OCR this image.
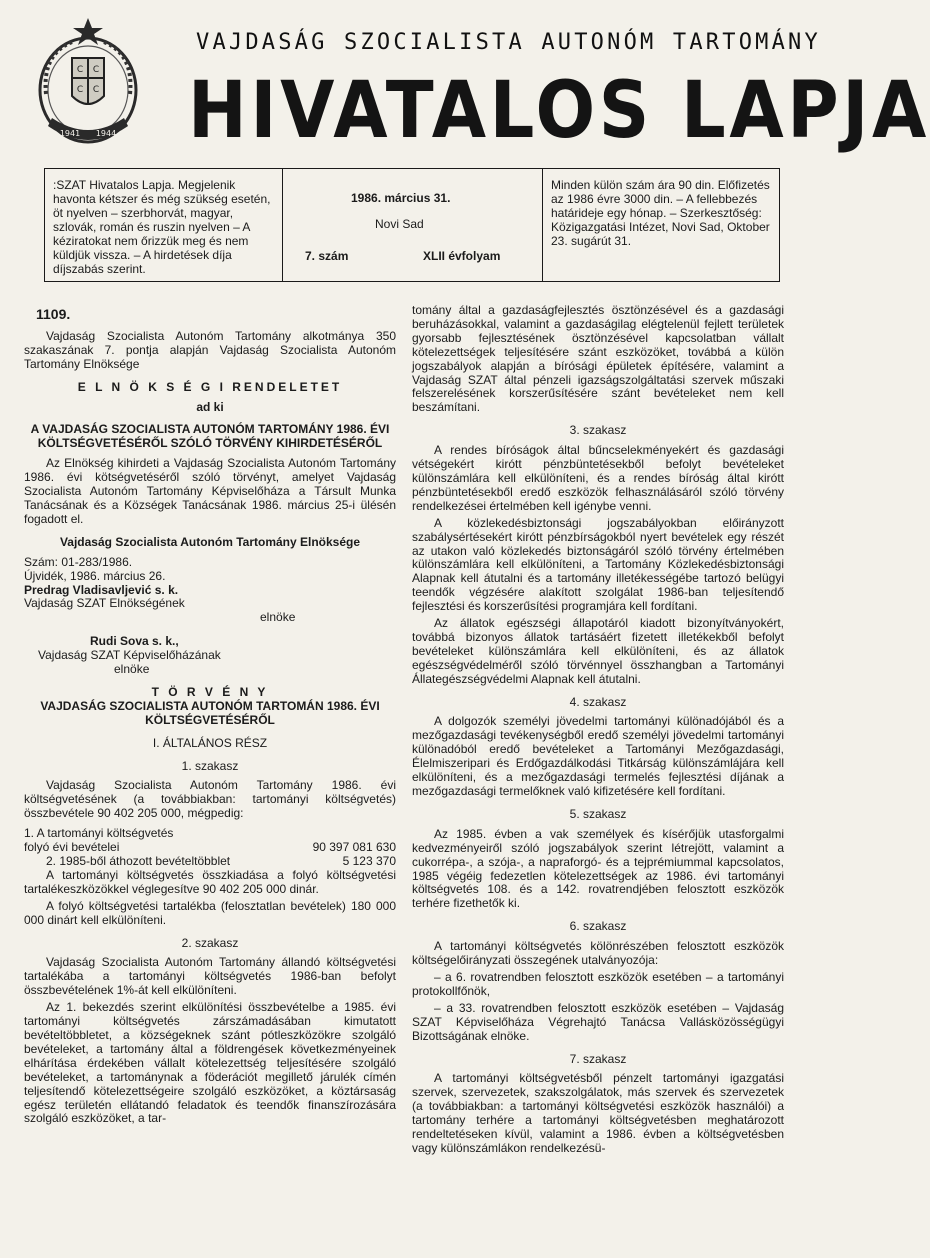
C C
C C
1941 1944
VAJDASÁG SZOCIALISTA AUTONÓM TARTOMÁNY
HIVATALOS LAPJA
:SZAT Hivatalos Lapja. Megjelenik havonta kétszer és még szükség esetén, öt nyelven – szerbhorvát, magyar, szlovák, román és ruszin nyelven – A kéziratokat nem őrizzük meg és nem küldjük vissza. – A hirdetések díja díjszabás szerint.
1986. március 31.
Novi Sad
7. szám	XLII évfolyam
Minden külön szám ára 90 din. Előfizetés az 1986 évre 3000 din. – A fellebbezés határideje egy hónap. – Szerkesztőség: Közigazgatási Intézet, Novi Sad, Oktober 23. sugárút 31.
1109.

Vajdaság Szocialista Autonóm Tartomány alkotmánya 350 szakaszának 7. pontja alapján Vajdaság Szocialista Autonóm Tartomány Elnöksége

E L N Ö K S É G I RENDELETET

ad ki

A VAJDASÁG SZOCIALISTA AUTONÓM TARTOMÁNY 1986. ÉVI KÖLTSÉGVETÉSÉRŐL SZÓLÓ TÖRVÉNY KIHIRDETÉSÉRŐL

Az Elnökség kihirdeti a Vajdaság Szocialista Autonóm Tartomány 1986. évi kötségvetéséről szóló törvényt, amelyet Vajdaság Szocialista Autonóm Tartomány Képviselőháza a Társult Munka Tanácsának és a Községek Tanácsának 1986. március 25-i ülésén fogadott el.

Vajdaság Szocialista Autonóm Tartomány Elnöksége

Szám: 01-283/1986.

Újvidék, 1986. március 26.

Predrag Vladisavljević s. k.

Vajdaság SZAT Elnökségének

elnöke

Rudi Sova s. k.,

Vajdaság SZAT Képviselőházának

elnöke

T Ö R V É N Y

VAJDASÁG SZOCIALISTA AUTONÓM TARTOMÁN 1986. ÉVI KÖLTSÉGVETÉSÉRŐL

I. ÁLTALÁNOS RÉSZ

1. szakasz

Vajdaság Szocialista Autonóm Tartomány 1986. évi költségvetésének (a továbbiakban: tartományi költségvetés) összbevétele 90 402 205 000, mégpedig:

1. A tartományi költségvetés

folyó évi bevételei	90 397 081 630
2. 1985-ből áthozott bevételtöbblet	5 123 370

A tartományi költségvetés összkiadása a folyó költségvetési tartalékeszközökkel véglegesítve 90 402 205 000 dinár.

A folyó költségvetési tartalékba (felosztatlan bevételek) 180 000 000 dinárt kell elkülöníteni.

2. szakasz

Vajdaság Szocialista Autonóm Tartomány állandó költségvetési tartalékába a tartományi költségvetés 1986-ban befolyt összbevételének 1%-át kell elkülöníteni.

Az 1. bekezdés szerint elkülönítési összbevételbe a 1985. évi tartományi költségvetés zárszámadásában kimutatott bevételtöbbletet, a községeknek szánt pótleszközökre szolgáló bevételeket, a tartomány által a földrengések következményeinek elhárítása érdekében vállalt kötelezettség teljesítésére szolgáló bevételeket, a tartománynak a föderációt megillető járulék címén teljesítendő kötelezettségeire szolgáló eszközöket, a köztársaság egész területén ellátandó feladatok és teendők finanszírozására szolgáló eszközöket, a tar-

tomány által a gazdaságfejlesztés ösztönzésével és a gazdasági beruházásokkal, valamint a gazdaságilag elégtelenül fejlett területek gyorsabb fejlesztésének ösztönzésével kapcsolatban vállalt kötelezettségek teljesítésére szánt eszközöket, továbbá a külön jogszabályok alapján a bírósági épületek építésére, valamint a Vajdaság SZAT által pénzeli igazságszolgáltatási szervek műszaki felszerelésének korszerűsítésére szánt bevételeket nem kell beszámítani.

3. szakasz

A rendes bíróságok által bűncselekményekért és gazdasági vétségekért kirótt pénzbüntetésekből befolyt bevételeket különszámlára kell elkülöníteni, és a rendes bíróság által kirótt pénzbüntetésekből eredő eszközök felhasználásáról szóló törvény rendelkezései értelmében kell igénybe venni.

A közlekedésbiztonsági jogszabályokban előirányzott szabálysértésekért kirótt pénzbírságokból nyert bevételek egy részét az utakon való közlekedés biztonságáról szóló törvény értelmében különszámlára kell elkülöníteni, a Tartomány Közlekedésbiztonsági Alapnak kell átutalni és a tartomány illetékességébe tartozó belügyi teendők végzésére alakított szolgálat 1986-ban teljesítendő fejlesztési és korszerűsítési programjára kell fordítani.

Az állatok egészségi állapotáról kiadott bizonyítványokért, továbbá bizonyos állatok tartásáért fizetett illetékekből befolyt bevételeket különszámlára kell elkülöníteni, és az állatok egészségvédelméről szóló törvénnyel összhangban a Tartományi Állategészségvédelmi Alapnak kell átutalni.

4. szakasz

A dolgozók személyi jövedelmi tartományi különadójából és a mezőgazdasági tevékenységből eredő személyi jövedelmi tartományi különadóból eredő bevételeket a Tartományi Mezőgazdasági, Élelmiszeripari és Erdőgazdálkodási Titkárság különszámlájára kell elkülöníteni, és a mezőgazdasági termelés fejlesztési díjának a mezőgazdasági termelőknek való kifizetésére kell fordítani.

5. szakasz

Az 1985. évben a vak személyek és kísérőjük utasforgalmi kedvezményeiről szóló jogszabályok szerint létrejött, valamint a cukorrépa-, a szója-, a napraforgó- és a tejprémiummal kapcsolatos, 1985 végéig fedezetlen kötelezettségek az 1986. évi tartományi költségvetés 108. és a 142. rovatrendjében felosztott eszközök terhére fizethetők ki.

6. szakasz

A tartományi költségvetés kölönrészében felosztott eszközök költségelőirányzati összegének utalványozója:

– a 6. rovatrendben felosztott eszközök esetében – a tartományi protokollfőnök,

– a 33. rovatrendben felosztott eszközök esetében – Vajdaság SZAT Képviselőháza Végrehajtó Tanácsa Vallásközösségügyi Bizottságának elnöke.

7. szakasz

A tartományi költségvetésből pénzelt tartományi igazgatási szervek, szervezetek, szakszolgálatok, más szervek és szervezetek (a továbbiakban: a tartományi költségvetési eszközök használói) a tartomány terhére a tartományi költségvetésben meghatározott rendeltetéseken kívül, valamint a 1986. évben a költségvetésben vagy különszámlákon rendelkezésü-
